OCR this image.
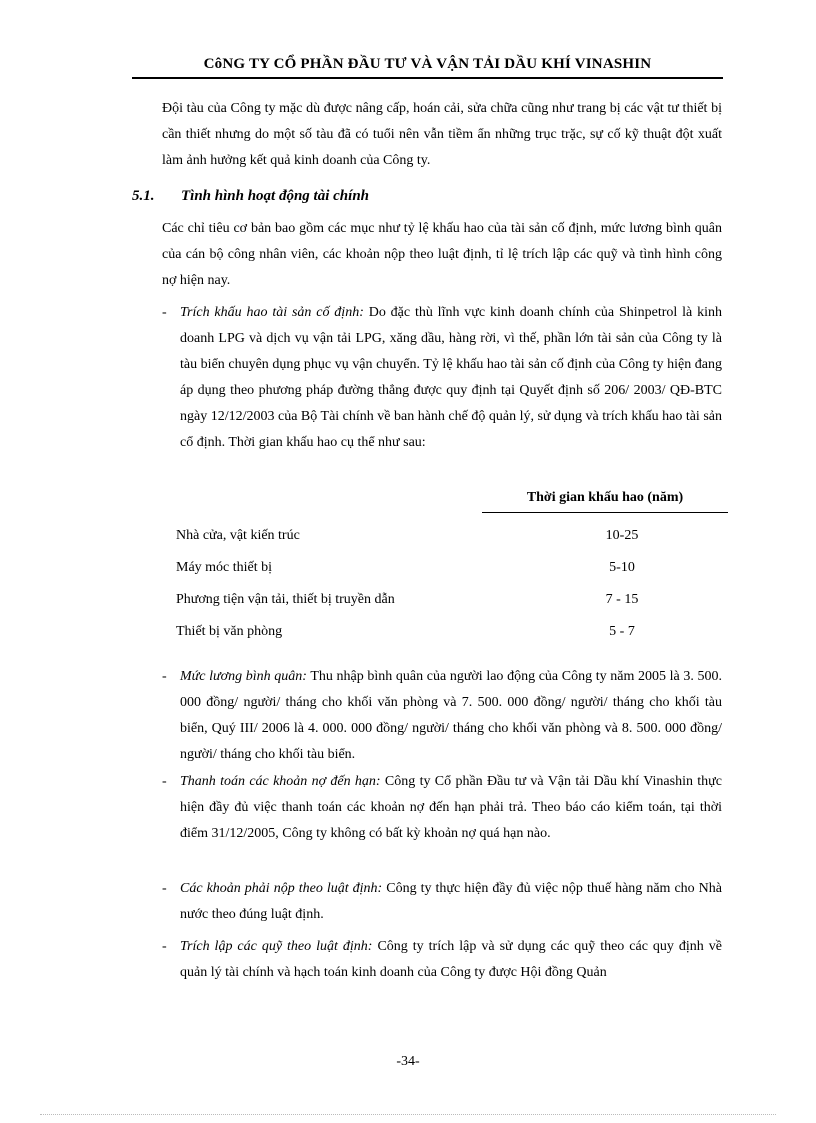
CôNG TY CỔ PHẦN ĐẦU TƯ VÀ VẬN TẢI DẦU KHÍ VINASHIN
Đội tàu của Công ty mặc dù được nâng cấp, hoán cải, sửa chữa cũng như trang bị các vật tư thiết bị cần thiết nhưng do một số tàu đã có tuổi nên vẫn tiềm ẩn những trục trặc, sự cố kỹ thuật đột xuất làm ảnh hưởng kết quả kinh doanh của Công ty.
5.1. Tình hình hoạt động tài chính
Các chỉ tiêu cơ bản bao gồm các mục như tỷ lệ khấu hao của tài sản cố định, mức lương bình quân của cán bộ công nhân viên, các khoản nộp theo luật định, tỉ lệ trích lập các quỹ và tình hình công nợ hiện nay.
- Trích khấu hao tài sản cố định: Do đặc thù lĩnh vực kinh doanh chính của Shinpetrol là kinh doanh LPG và dịch vụ vận tải LPG, xăng dầu, hàng rời, vì thế, phần lớn tài sản của Công ty là tàu biển chuyên dụng phục vụ vận chuyển. Tỷ lệ khấu hao tài sản cố định của Công ty hiện đang áp dụng theo phương pháp đường thẳng được quy định tại Quyết định số 206/ 2003/ QĐ-BTC ngày 12/12/2003 của Bộ Tài chính về ban hành chế độ quản lý, sử dụng và trích khấu hao tài sản cổ định. Thời gian khấu hao cụ thể như sau:
Thời gian khấu hao (năm)
Nhà cửa, vật kiến trúc	10-25
Máy móc thiết bị	5-10
Phương tiện vận tải, thiết bị truyền dẫn	7 - 15
Thiết bị văn phòng	5 - 7
- Mức lương bình quân: Thu nhập bình quân của người lao động của Công ty năm 2005 là 3. 500. 000 đồng/ người/ tháng cho khối văn phòng và 7. 500. 000 đồng/ người/ tháng cho khối tàu biển, Quý III/ 2006 là 4. 000. 000 đồng/ người/ tháng cho khối văn phòng và 8. 500. 000 đồng/ người/ tháng cho khối tàu biển.
- Thanh toán các khoản nợ đến hạn: Công ty Cổ phần Đầu tư và Vận tải Dầu khí Vinashin thực hiện đầy đủ việc thanh toán các khoản nợ đến hạn phải trả. Theo báo cáo kiểm toán, tại thời điểm 31/12/2005, Công ty không có bất kỳ khoản nợ quá hạn nào.
- Các khoản phải nộp theo luật định: Công ty thực hiện đầy đủ việc nộp thuế hàng năm cho Nhà nước theo đúng luật định.
- Trích lập các quỹ theo luật định: Công ty trích lập và sử dụng các quỹ theo các quy định về quản lý tài chính và hạch toán kinh doanh của Công ty được Hội đồng Quản
-34-
